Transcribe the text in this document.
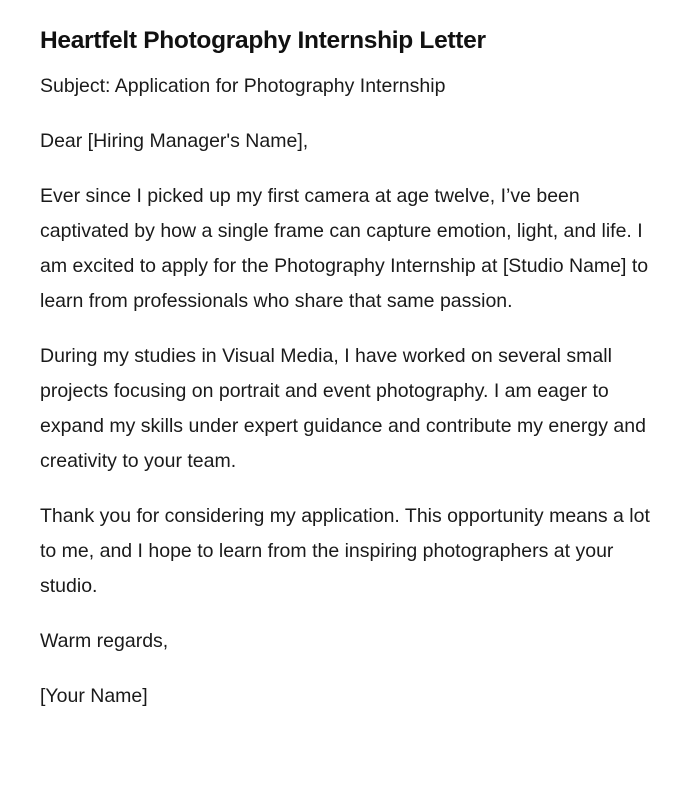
Heartfelt Photography Internship Letter

Subject: Application for Photography Internship

Dear [Hiring Manager's Name],

Ever since I picked up my first camera at age twelve, I’ve been captivated by how a single frame can capture emotion, light, and life. I am excited to apply for the Photography Internship at [Studio Name] to learn from professionals who share that same passion.

During my studies in Visual Media, I have worked on several small projects focusing on portrait and event photography. I am eager to expand my skills under expert guidance and contribute my energy and creativity to your team.

Thank you for considering my application. This opportunity means a lot to me, and I hope to learn from the inspiring photographers at your studio.

Warm regards,

[Your Name]
